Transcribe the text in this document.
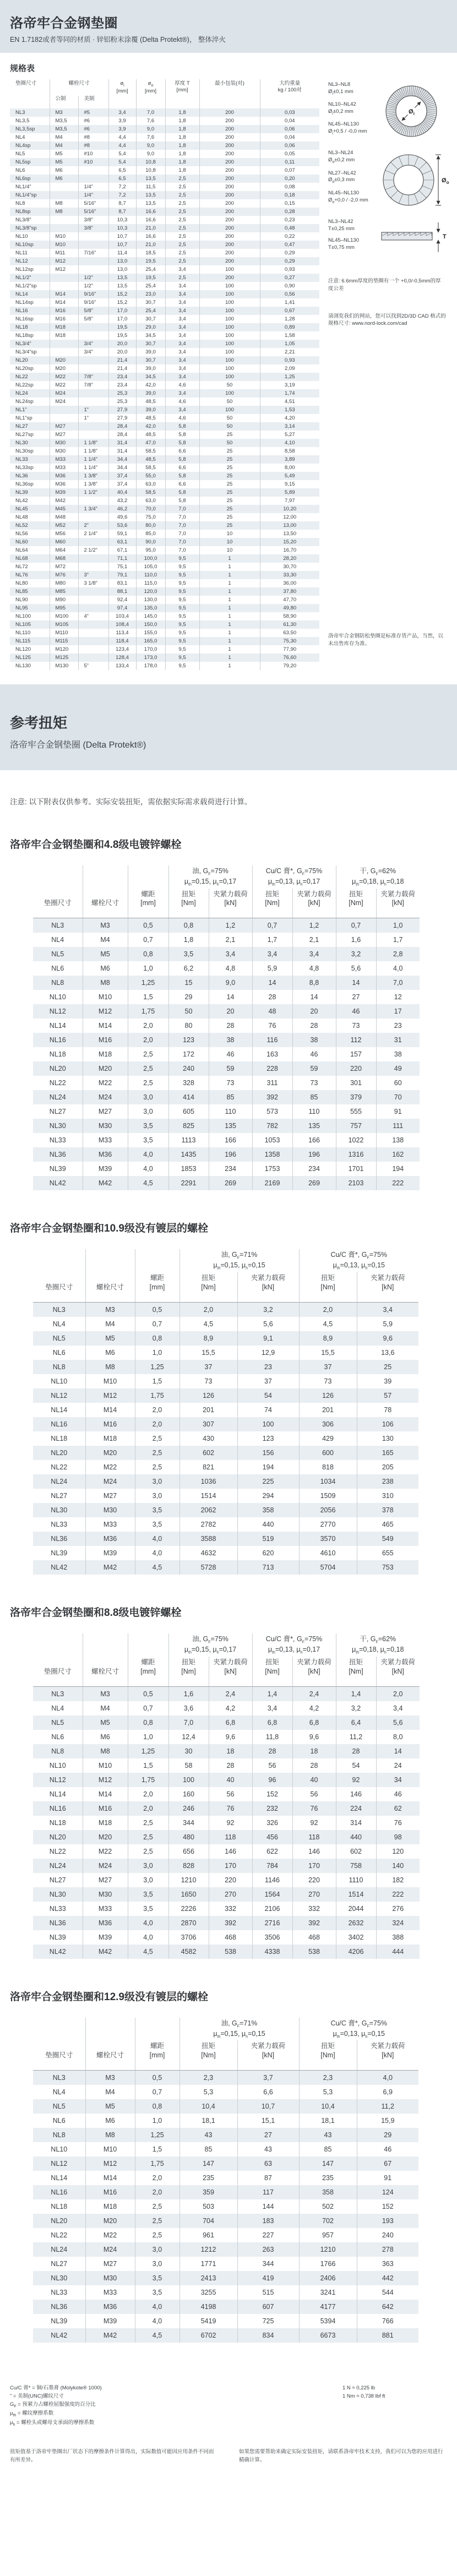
洛帝牢合金钢垫圈

EN 1.7182或者等同的材质 · 锌铝粉末涂覆 (Delta Protekt®)， 整体淬火

规格表
垫圈尺寸	螺栓尺寸		$ø_i$
[mm]	$ø_o$
[mm]	厚度 T
[mm]	最小包装(对)	大约重量
kg / 100对
	公制	美制					
NL3	M3	#5	3,4	7,0	1,8	200	0,03
NL3,5	M3,5	#6	3,9	7,6	1,8	200	0,04
NL3,5sp	M3,5	#6	3,9	9,0	1,8	200	0,06
NL4	M4	#8	4,4	7,6	1,8	200	0,04
NL4sp	M4	#8	4,4	9,0	1,8	200	0,06
NL5	M5	#10	5,4	9,0	1,8	200	0,05
NL5sp	M5	#10	5,4	10,8	1,8	200	0,11
NL6	M6		6,5	10,8	1,8	200	0,07
NL6sp	M6		6,5	13,5	2,5	200	0,20
NL1/4”		1/4”	7,2	11,5	2,5	200	0,08
NL1/4”sp		1/4”	7,2	13,5	2,5	200	0,18
NL8	M8	5/16”	8,7	13,5	2,5	200	0,15
NL8sp	M8	5/16”	8,7	16,6	2,5	200	0,28
NL3/8”		3/8”	10,3	16,6	2,5	200	0,23
NL3/8”sp		3/8”	10,3	21,0	2,5	200	0,48
NL10	M10		10,7	16,6	2,5	200	0,22
NL10sp	M10		10,7	21,0	2,5	200	0,47
NL11	M11	7/16”	11,4	18,5	2,5	200	0,29
NL12	M12		13,0	19,5	2,5	200	0,29
NL12sp	M12		13,0	25,4	3,4	100	0,93
NL1/2”		1/2”	13,5	19,5	2,5	200	0,27
NL1/2”sp		1/2”	13,5	25,4	3,4	100	0,90
NL14	M14	9/16”	15,2	23,0	3,4	100	0,56
NL14sp	M14	9/16”	15,2	30,7	3,4	100	1,41
NL16	M16	5/8”	17,0	25,4	3,4	100	0,67
NL16sp	M16	5/8”	17,0	30,7	3,4	100	1,28
NL18	M18		19,5	29,0	3,4	100	0,89
NL18sp	M18		19,5	34,5	3,4	100	1,58
NL3/4”		3/4”	20,0	30,7	3,4	100	1,05
NL3/4”sp		3/4”	20,0	39,0	3,4	100	2,21
NL20	M20		21,4	30,7	3,4	100	0,93
NL20sp	M20		21,4	39,0	3,4	100	2,09
NL22	M22	7/8”	23,4	34,5	3,4	100	1,25
NL22sp	M22	7/8”	23,4	42,0	4,6	50	3,19
NL24	M24		25,3	39,0	3,4	100	1,74
NL24sp	M24		25,3	48,5	4,6	50	4,51
NL1”		1”	27,9	39,0	3,4	100	1,53
NL1”sp		1”	27,9	48,5	4,6	50	4,20
NL27	M27		28,4	42,0	5,8	50	3,14
NL27sp	M27		28,4	48,5	5,8	25	5,27
NL30	M30	1 1/8”	31,4	47,0	5,8	50	4,10
NL30sp	M30	1 1/8”	31,4	58,5	6,6	25	8,58
NL33	M33	1 1/4”	34,4	48,5	5,8	25	3,89
NL33sp	M33	1 1/4”	34,4	58,5	6,6	25	8,00
NL36	M36	1 3/8”	37,4	55,0	5,8	25	5,49
NL36sp	M36	1 3/8”	37,4	63,0	6,6	25	9,15
NL39	M39	1 1/2”	40,4	58,5	5,8	25	5,89
NL42	M42		43,2	63,0	5,8	25	7,97
NL45	M45	1 3/4”	46,2	70,0	7,0	25	10,20
NL48	M48		49,6	75,0	7,0	25	12,00
NL52	M52	2”	53,6	80,0	7,0	25	13,00
NL56	M56	2 1/4”	59,1	85,0	7,0	10	13,50
NL60	M60		63,1	90,0	7,0	10	15,20
NL64	M64	2 1/2”	67,1	95,0	7,0	10	16,70
NL68	M68		71,1	100,0	9,5	1	28,20
NL72	M72		75,1	105,0	9,5	1	30,70
NL76	M76	3”	79,1	110,0	9,5	1	33,30
NL80	M80	3 1/8”	83,1	115,0	9,5	1	36,00
NL85	M85		88,1	120,0	9,5	1	37,80
NL90	M90		92,4	130,0	9,5	1	47,70
NL95	M95		97,4	135,0	9,5	1	49,80
NL100	M100	4”	103,4	145,0	9,5	1	58,90
NL105	M105		108,4	150,0	9,5	1	61,30
NL110	M110		113,4	155,0	9,5	1	63,50
NL115	M115		118,4	165,0	9,5	1	75,30
NL120	M120		123,4	170,0	9,5	1	77,90
NL125	M125		128,4	173,0	9,5	1	76,60
NL130	M130	5”	133,4	178,0	9,5	1	79,20
NL3–NL8
$Ø_i\pm 0,1$ mm
NL10–NL42
$Ø_i\pm 0,2$ mm
NL45–NL130
$Ø_i+0,5 / -0,0$ mm
$Ø_i$
NL3–NL24
$Ø_o\pm 0,2$ mm
NL27–NL42
$Ø_o\pm 0,3$ mm
NL45–NL130
$Ø_o+0,0 / -2,0$ mm
$Ø_o$
NL3–NL42
T±0,25 mm
NL45–NL130
T±0,75 mm
T

注意: 6.6mm厚度的垫圈有一个 +0,0/-0,5mm的厚度公差

请浏览我们的网站，您可以找到2D/3D CAD 格式的规格尺寸: www.nord-lock.com/cad

洛帝牢合金钢防松垫圈是标准存货产品，当然，以未出售库存为准。

参考扭矩

洛帝牢合金钢垫圈 (Delta Protekt®)

注意: 以下附表仅供参考。实际安装扭矩，需依据实际需求载荷进行计算。

洛帝牢合金钢垫圈和4.8级电镀锌螺栓
垫圈尺寸	螺栓尺寸	螺距
[mm]	油, $G_F=75\%$
$\mu_{th}=0,15$, $\mu_h=0,17$		Cu/C 膏*, $G_F=75\%$
$\mu_{th}=0,13$, $\mu_h=0,17$		干, $G_F=62\%$
$\mu_{th}=0,18$, $\mu_h=0,18$	
			扭矩
[Nm]	夹紧力载荷
[kN]	扭矩
[Nm]	夹紧力载荷
[kN]	扭矩
[Nm]	夹紧力载荷
[kN]
NL3	M3	0,5	0,8	1,2	0,7	1,2	0,7	1,0
NL4	M4	0,7	1,8	2,1	1,7	2,1	1,6	1,7
NL5	M5	0,8	3,5	3,4	3,4	3,4	3,2	2,8
NL6	M6	1,0	6,2	4,8	5,9	4,8	5,6	4,0
NL8	M8	1,25	15	9,0	14	8,8	14	7,0
NL10	M10	1,5	29	14	28	14	27	12
NL12	M12	1,75	50	20	48	20	46	17
NL14	M14	2,0	80	28	76	28	73	23
NL16	M16	2,0	123	38	116	38	112	31
NL18	M18	2,5	172	46	163	46	157	38
NL20	M20	2,5	240	59	228	59	220	49
NL22	M22	2,5	328	73	311	73	301	60
NL24	M24	3,0	414	85	392	85	379	70
NL27	M27	3,0	605	110	573	110	555	91
NL30	M30	3,5	825	135	782	135	757	111
NL33	M33	3,5	1113	166	1053	166	1022	138
NL36	M36	4,0	1435	196	1358	196	1316	162
NL39	M39	4,0	1853	234	1753	234	1701	194
NL42	M42	4,5	2291	269	2169	269	2103	222
洛帝牢合金钢垫圈和10.9级没有镀层的螺栓
垫圈尺寸	螺栓尺寸	螺距
[mm]	油, $G_F=71\%$
$\mu_{th}=0,15$, $\mu_h=0,15$		Cu/C 膏*, $G_F=75\%$
$\mu_{th}=0,13$, $\mu_h=0,15$	
			扭矩
[Nm]	夹紧力载荷
[kN]	扭矩
[Nm]	夹紧力载荷
[kN]
NL3	M3	0,5	2,0	3,2	2,0	3,4
NL4	M4	0,7	4,5	5,6	4,5	5,9
NL5	M5	0,8	8,9	9,1	8,9	9,6
NL6	M6	1,0	15,5	12,9	15,5	13,6
NL8	M8	1,25	37	23	37	25
NL10	M10	1,5	73	37	73	39
NL12	M12	1,75	126	54	126	57
NL14	M14	2,0	201	74	201	78
NL16	M16	2,0	307	100	306	106
NL18	M18	2,5	430	123	429	130
NL20	M20	2,5	602	156	600	165
NL22	M22	2,5	821	194	818	205
NL24	M24	3,0	1036	225	1034	238
NL27	M27	3,0	1514	294	1509	310
NL30	M30	3,5	2062	358	2056	378
NL33	M33	3,5	2782	440	2770	465
NL36	M36	4,0	3588	519	3570	549
NL39	M39	4,0	4632	620	4610	655
NL42	M42	4,5	5728	713	5704	753
洛帝牢合金钢垫圈和8.8级电镀锌螺栓
垫圈尺寸	螺栓尺寸	螺距
[mm]	油, $G_F=75\%$
$\mu_{th}=0,15$, $\mu_h=0,17$		Cu/C 膏*, $G_F=75\%$
$\mu_{th}=0,13$, $\mu_h=0,17$		干, $G_F=62\%$
$\mu_{th}=0,18$, $\mu_h=0,18$	
			扭矩
[Nm]	夹紧力载荷
[kN]	扭矩
[Nm]	夹紧力载荷
[kN]	扭矩
[Nm]	夹紧力载荷
[kN]
NL3	M3	0,5	1,6	2,4	1,4	2,4	1,4	2,0
NL4	M4	0,7	3,6	4,2	3,4	4,2	3,2	3,4
NL5	M5	0,8	7,0	6,8	6,8	6,8	6,4	5,6
NL6	M6	1,0	12,4	9,6	11,8	9,6	11,2	8,0
NL8	M8	1,25	30	18	28	18	28	14
NL10	M10	1,5	58	28	56	28	54	24
NL12	M12	1,75	100	40	96	40	92	34
NL14	M14	2,0	160	56	152	56	146	46
NL16	M16	2,0	246	76	232	76	224	62
NL18	M18	2,5	344	92	326	92	314	76
NL20	M20	2,5	480	118	456	118	440	98
NL22	M22	2,5	656	146	622	146	602	120
NL24	M24	3,0	828	170	784	170	758	140
NL27	M27	3,0	1210	220	1146	220	1110	182
NL30	M30	3,5	1650	270	1564	270	1514	222
NL33	M33	3,5	2226	332	2106	332	2044	276
NL36	M36	4,0	2870	392	2716	392	2632	324
NL39	M39	4,0	3706	468	3506	468	3402	388
NL42	M42	4,5	4582	538	4338	538	4206	444
洛帝牢合金钢垫圈和12.9级没有镀层的螺栓
垫圈尺寸	螺栓尺寸	螺距
[mm]	油, $G_F=71\%$
$\mu_{th}=0,15$, $\mu_h=0,15$		Cu/C 膏*, $G_F=75\%$
$\mu_{th}=0,13$, $\mu_h=0,15$	
			扭矩
[Nm]	夹紧力载荷
[kN]	扭矩
[Nm]	夹紧力载荷
[kN]
NL3	M3	0,5	2,3	3,7	2,3	4,0
NL4	M4	0,7	5,3	6,6	5,3	6,9
NL5	M5	0,8	10,4	10,7	10,4	11,2
NL6	M6	1,0	18,1	15,1	18,1	15,9
NL8	M8	1,25	43	27	43	29
NL10	M10	1,5	85	43	85	46
NL12	M12	1,75	147	63	147	67
NL14	M14	2,0	235	87	235	91
NL16	M16	2,0	359	117	358	124
NL18	M18	2,5	503	144	502	152
NL20	M20	2,5	704	183	702	193
NL22	M22	2,5	961	227	957	240
NL24	M24	3,0	1212	263	1210	278
NL27	M27	3,0	1771	344	1766	363
NL30	M30	3,5	2413	419	2406	442
NL33	M33	3,5	3255	515	3241	544
NL36	M36	4,0	4198	607	4177	642
NL39	M39	4,0	5419	725	5394	766
NL42	M42	4,5	6702	834	6673	881
Cu/C 膏* = 铜/石墨膏 (Molykote® 1000)
” = 美制(UNC)螺纹尺寸
$G_F$ = 预紧力占螺栓屈服强度的百分比
$\mu_{th}$ = 螺纹摩擦系数
$\mu_h$ = 螺栓头或螺母支承面的摩擦系数
1 N ≈ 0,225 lb
1 Nm ≈ 0,738 lbf ft

扭矩值基于洛帝牢垫圈出厂状态下的摩擦条件计算得出，实际数值可能因应用条件不同而有所差异。

如果您需要帮助来确定实际安装扭矩，请联系洛帝牢技术支持，我们可以为您的应用进行精确计算。
